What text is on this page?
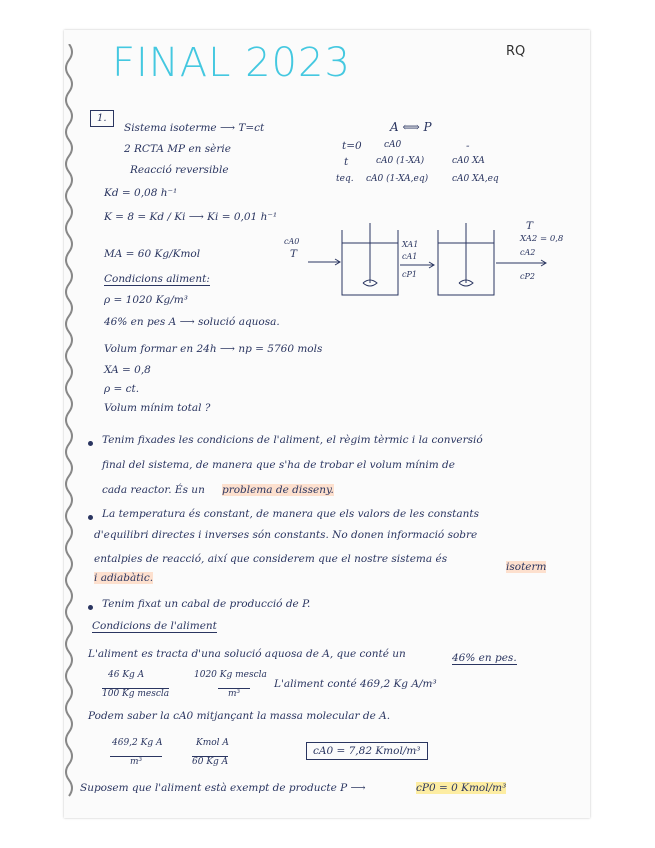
FINAL 2023	RQ
1.
Sistema isoterme ⟶ T=ct
2 RCTA MP en sèrie
Reacció reversible
Kd = 0,08 h⁻¹
K = 8 = Kd / Ki ⟶ Ki = 0,01 h⁻¹
MA = 60 Kg/Kmol
Condicions aliment:
ρ = 1020 Kg/m³
46% en pes A ⟶ solució aquosa.
Volum formar en 24h ⟶ np = 5760 mols
XA = 0,8
ρ = ct.
Volum mínim total ?
A ⟺ P
t=0 cA0	-
t	cA0 (1-XA)	cA0 XA
teq. cA0 (1-XA,eq)	cA0 XA,eq
cA0
T
XA1
cA1
cP1
T
XA2 = 0,8
cA2
cP2
Tenim fixades les condicions de l'aliment, el règim tèrmic i la conversió
final del sistema, de manera que s'ha de trobar el volum mínim de
cada reactor. És un problema de disseny.
La temperatura és constant, de manera que els valors de les constants
d'equilibri directes i inverses són constants. No donen informació sobre
entalpies de reacció, així que considerem que el nostre sistema és
isoterm
i adiabàtic.
Tenim fixat un cabal de producció de P.
Condicions de l'aliment
L'aliment es tracta d'una solució aquosa de A, que conté un	46% en pes.
46 Kg A
100 Kg mescla
1020 Kg mescla
m³
L'aliment conté 469,2 Kg A/m³
Podem saber la cA0 mitjançant la massa molecular de A.
469,2 Kg A
m³
Kmol A
60 Kg A
cA0 = 7,82 Kmol/m³
Suposem que l'aliment està exempt de producte P ⟶	cP0 = 0 Kmol/m³
